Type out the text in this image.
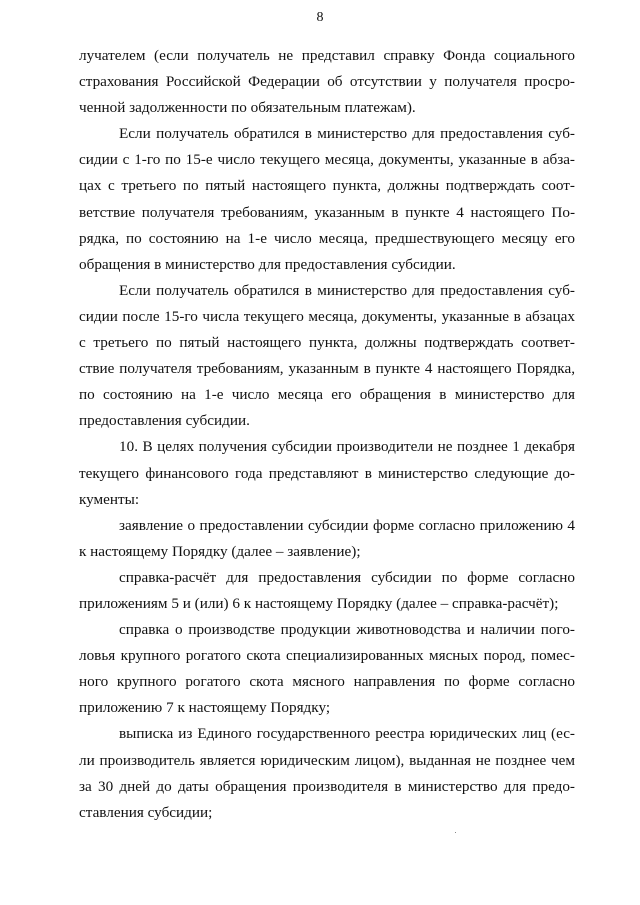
8
лучателем (если получатель не представил справку Фонда социального
страхования Российской Федерации об отсутствии у получателя просро-
ченной задолженности по обязательным платежам).
Если получатель обратился в министерство для предоставления суб-
сидии с 1-го по 15-е число текущего месяца, документы, указанные в абза-
цах с третьего по пятый настоящего пункта, должны подтверждать соот-
ветствие получателя требованиям, указанным в пункте 4 настоящего По-
рядка, по состоянию на 1-е число месяца, предшествующего месяцу его
обращения в министерство для предоставления субсидии.
Если получатель обратился в министерство для предоставления суб-
сидии после 15-го числа текущего месяца, документы, указанные в абзацах
с третьего по пятый настоящего пункта, должны подтверждать соответ-
ствие получателя требованиям, указанным в пункте 4 настоящего Порядка,
по состоянию на 1-е число месяца его обращения в министерство для
предоставления субсидии.
10. В целях получения субсидии производители не позднее 1 декабря
текущего финансового года представляют в министерство следующие до-
кументы:
заявление о предоставлении субсидии форме согласно приложению 4
к настоящему Порядку (далее – заявление);
справка-расчёт для предоставления субсидии по форме согласно
приложениям 5 и (или) 6 к настоящему Порядку (далее – справка-расчёт);
справка о производстве продукции животноводства и наличии пого-
ловья крупного рогатого скота специализированных мясных пород, помес-
ного крупного рогатого скота мясного направления по форме согласно
приложению 7 к настоящему Порядку;
выписка из Единого государственного реестра юридических лиц (ес-
ли производитель является юридическим лицом), выданная не позднее чем
за 30 дней до даты обращения производителя в министерство для предо-
ставления субсидии;
